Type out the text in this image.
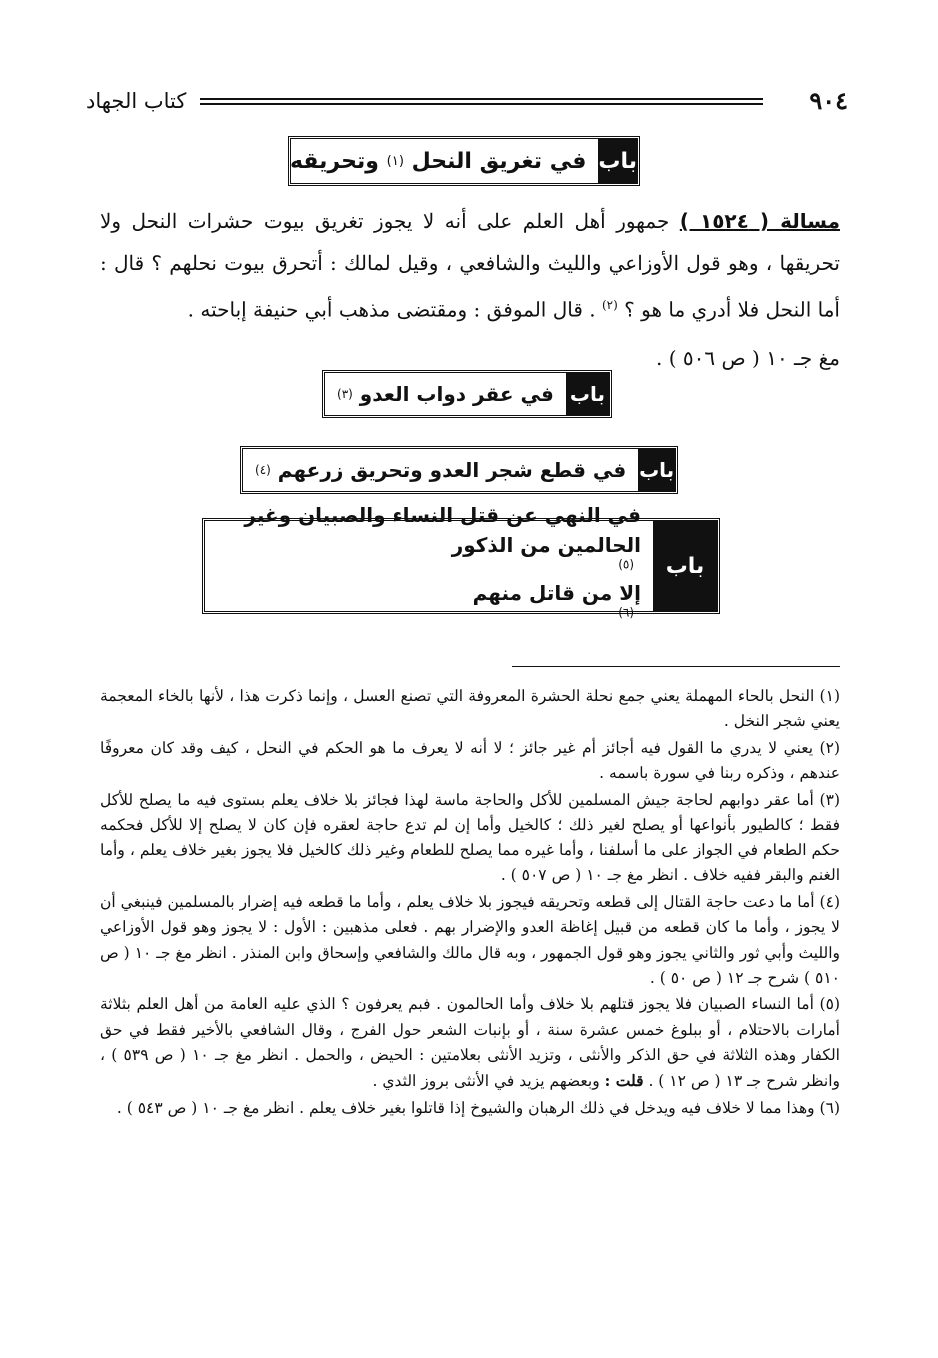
٩٠٤
كتاب الجهاد
باب
في تغريق النحل

(١)

وتحريقه
مسالة ( ١٥٢٤ ) جمهور أهل العلم على أنه لا يجوز تغريق بيوت حشرات النحل ولا تحريقها ، وهو قول الأوزاعي والليث والشافعي ، وقيل لمالك : أتحرق بيوت نحلهم ؟ قال : أما النحل فلا أدري ما هو ؟ $^{(٢)}$ . قال الموفق : ومقتضى مذهب أبي حنيفة إباحته .
مغ جـ ١٠ ( ص ٥٠٦ ) .
باب
في عقر دواب العدو

(٣)
باب
في قطع شجر العدو وتحريق زرعهم

(٤)
باب
في النهي عن قتل النساء والصبيان وغير
الحالمين من الذكور
$^{(٥)}$
إلا من قاتل منهم
$^{(٦)}$

(١) النحل بالحاء المهملة يعني جمع نحلة الحشرة المعروفة التي تصنع العسل ، وإنما ذكرت هذا ، لأنها بالخاء المعجمة يعني شجر النخل .

(٢) يعني لا يدري ما القول فيه أجائز أم غير جائز ؛ لا أنه لا يعرف ما هو الحكم في النحل ، كيف وقد كان معروفًا عندهم ، وذكره ربنا في سورة باسمه .

(٣) أما عقر دوابهم لحاجة جيش المسلمين للأكل والحاجة ماسة لهذا فجائز بلا خلاف يعلم بستوى فيه ما يصلح للأكل فقط ؛ كالطيور بأنواعها أو يصلح لغير ذلك ؛ كالخيل وأما إن لم تدع حاجة لعقره فإن كان لا يصلح إلا للأكل فحكمه حكم الطعام في الجواز على ما أسلفنا ، وأما غيره مما يصلح للطعام وغير ذلك كالخيل فلا يجوز بغير خلاف يعلم ، وأما الغنم والبقر ففيه خلاف . انظر مغ جـ ١٠ ( ص ٥٠٧ ) .

(٤) أما ما دعت حاجة القتال إلى قطعه وتحريقه فيجوز بلا خلاف يعلم ، وأما ما قطعه فيه إضرار بالمسلمين فينبغي أن لا يجوز ، وأما ما كان قطعه من قبيل إغاظة العدو والإضرار بهم . فعلى مذهبين : الأول : لا يجوز وهو قول الأوزاعي والليث وأبي ثور والثاني يجوز وهو قول الجمهور ، وبه قال مالك والشافعي وإسحاق وابن المنذر . انظر مغ جـ ١٠ ( ص ٥١٠ ) شرح جـ ١٢ ( ص ٥٠ ) .

(٥) أما النساء الصبيان فلا يجوز قتلهم بلا خلاف وأما الحالمون . فبم يعرفون ؟ الذي عليه العامة من أهل العلم بثلاثة أمارات بالاحتلام ، أو ببلوغ خمس عشرة سنة ، أو بإنبات الشعر حول الفرج ، وقال الشافعي بالأخير فقط في حق الكفار وهذه الثلاثة في حق الذكر والأنثى ، وتزيد الأنثى بعلامتين : الحيض ، والحمل . انظر مغ جـ ١٠ ( ص ٥٣٩ ) ، وانظر شرح جـ ١٣ ( ص ١٢ ) . قلت : وبعضهم يزيد في الأنثى بروز الثدي .

(٦) وهذا مما لا خلاف فيه ويدخل في ذلك الرهبان والشيوخ إذا قاتلوا بغير خلاف يعلم . انظر مغ جـ ١٠ ( ص ٥٤٣ ) .
